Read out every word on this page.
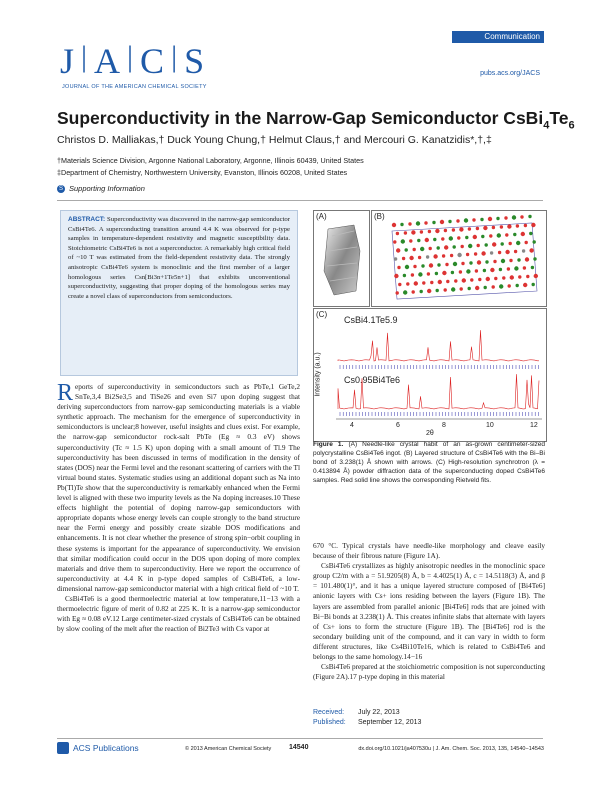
J | A | C | S
JOURNAL OF THE AMERICAN CHEMICAL SOCIETY
Communication
pubs.acs.org/JACS
Superconductivity in the Narrow-Gap Semiconductor $CsBi_4Te_6$
Christos D. Malliakas,† Duck Young Chung,† Helmut Claus,† and Mercouri G. Kanatzidis*,†,‡
†Materials Science Division, Argonne National Laboratory, Argonne, Illinois 60439, United States
‡Department of Chemistry, Northwestern University, Evanston, Illinois 60208, United States
S Supporting Information
ABSTRACT: Superconductivity was discovered in the narrow-gap semiconductor CsBi4Te6. A superconducting transition around 4.4 K was observed for p-type samples in temperature-dependent resistivity and magnetic susceptibility data. Stoichiometric CsBi4Te6 is not a superconductor. A remarkably high critical field of ~10 T was estimated from the field-dependent resistivity data. The strongly anisotropic CsBi4Te6 system is monoclinic and the first member of a larger homologous series Csn[Bi3n+1Te5n+1] that exhibits unconventional superconductivity, suggesting that proper doping of the homologous series may create a novel class of superconductors from semiconductors.
(A)	(B)
(C)
CsBi4.1Te5.9
Cs0.95Bi4Te6
Intensity (a.u.)
4	6	8	10	12
2θ
Figure 1. (A) Needle-like crystal habit of an as-grown centimeter-sized polycrystalline CsBi4Te6 ingot. (B) Layered structure of CsBi4Te6 with the Bi–Bi bond of 3.238(1) Å shown with arrows. (C) High-resolution synchrotron (λ = 0.413894 Å) powder diffraction data of the superconducting doped CsBi4Te6 samples. Red solid line shows the corresponding Rietveld fits.

Reports of superconductivity in semiconductors such as PbTe,1 GeTe,2 SnTe,3,4 Bi2Se3,5 and TiSe26 and even Si7 upon doping suggest that deriving superconductors from narrow-gap semiconducting materials is a viable synthetic approach. The mechanism for the emergence of superconductivity in semiconductors is unclear;8 however, useful insights and clues exist. For example, the narrow-gap semiconductor rock-salt PbTe (Eg ≈ 0.3 eV) shows superconductivity (Tc ≈ 1.5 K) upon doping with a small amount of Tl.9 The superconductivity has been discussed in terms of modification in the density of states (DOS) near the Fermi level and the resonant scattering of carriers with the Tl virtual bound states. Systematic studies using an additional dopant such as Na into Pb(Tl)Te show that the superconductivity is remarkably enhanced when the Fermi level is aligned with these two impurity levels as the Na doping increases.10 These effects highlight the potential of doping narrow-gap semiconductors with appropriate dopants whose energy levels can couple strongly to the band structure near the Fermi energy and possibly create sizable DOS modifications and enhancements. It is not clear whether the presence of strong spin−orbit coupling in these systems is important for the appearance of superconductivity. We envision that similar modification could occur in the DOS upon doping of more complex materials and drive them to superconductivity. Here we report the occurrence of superconductivity at 4.4 K in p-type doped samples of CsBi4Te6, a low-dimensional narrow-gap semiconductor material with a high critical field of ~10 T.

CsBi4Te6 is a good thermoelectric material at low temperature,11−13 with a thermoelectric figure of merit of 0.82 at 225 K. It is a narrow-gap semiconductor with Eg ≈ 0.08 eV.12 Large centimeter-sized crystals of CsBi4Te6 can be obtained by slow cooling of the melt after the reaction of Bi2Te3 with Cs vapor at

670 °C. Typical crystals have needle-like morphology and cleave easily because of their fibrous nature (Figure 1A).

CsBi4Te6 crystallizes as highly anisotropic needles in the monoclinic space group C2/m with a = 51.9205(8) Å, b = 4.4025(1) Å, c = 14.5118(3) Å, and β = 101.480(1)°, and it has a unique layered structure composed of [Bi4Te6] anionic layers with Cs+ ions residing between the layers (Figure 1B). The layers are assembled from parallel anionic [Bi4Te6] rods that are joined with Bi−Bi bonds at 3.238(1) Å. This creates infinite slabs that alternate with layers of Cs+ ions to form the structure (Figure 1B). The [Bi4Te6] rod is the secondary building unit of the compound, and it can vary in width to form different structures, like Cs4Bi10Te16, which is related to CsBi4Te6 and belongs to the same homology.14−16

CsBi4Te6 prepared at the stoichiometric composition is not superconducting (Figure 2A).17 p-type doping in this material

Received: July 22, 2013
Published: September 12, 2013
ACS Publications	© 2013 American Chemical Society	14540	dx.doi.org/10.1021/ja407530u | J. Am. Chem. Soc. 2013, 135, 14540−14543
